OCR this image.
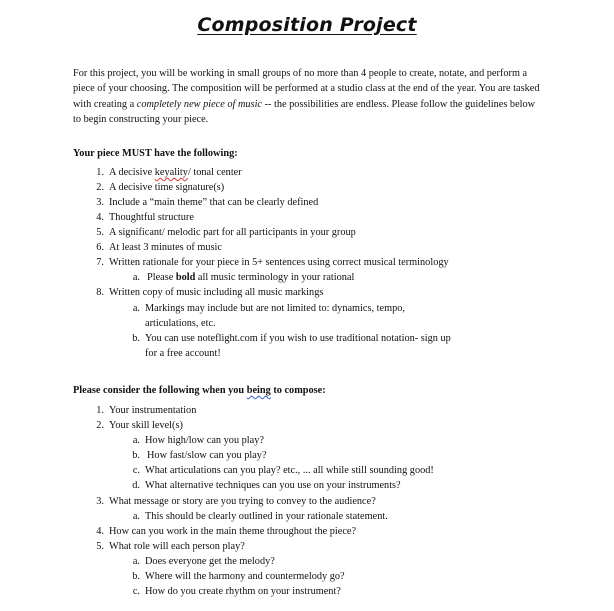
Composition Project

For this project, you will be working in small groups of no more than 4 people to create, notate, and perform a piece of your choosing. The composition will be performed at a studio class at the end of the year. You are tasked with creating a completely new piece of music -- the possibilities are endless. Please follow the guidelines below to begin constructing your piece.

Your piece MUST have the following:

1. A decisive keyality/ tonal center
2. A decisive time signature(s)
3. Include a “main theme” that can be clearly defined
4. Thoughtful structure
5. A significant/ melodic part for all participants in your group
6. At least 3 minutes of music
7. Written rationale for your piece in 5+ sentences using correct musical terminology
a. Please bold all music terminology in your rational
8. Written copy of music including all music markings
a. Markings may include but are not limited to: dynamics, tempo,
articulations, etc.
b. You can use noteflight.com if you wish to use traditional notation- sign up
for a free account!

Please consider the following when you being to compose:

1. Your instrumentation
2. Your skill level(s)
a. How high/low can you play?
b. How fast/slow can you play?
c. What articulations can you play? etc., ... all while still sounding good!
d. What alternative techniques can you use on your instruments?
3. What message or story are you trying to convey to the audience?
a. This should be clearly outlined in your rationale statement.
4. How can you work in the main theme throughout the piece?
5. What role will each person play?
a. Does everyone get the melody?
b. Where will the harmony and countermelody go?
c. How do you create rhythm on your instrument?
